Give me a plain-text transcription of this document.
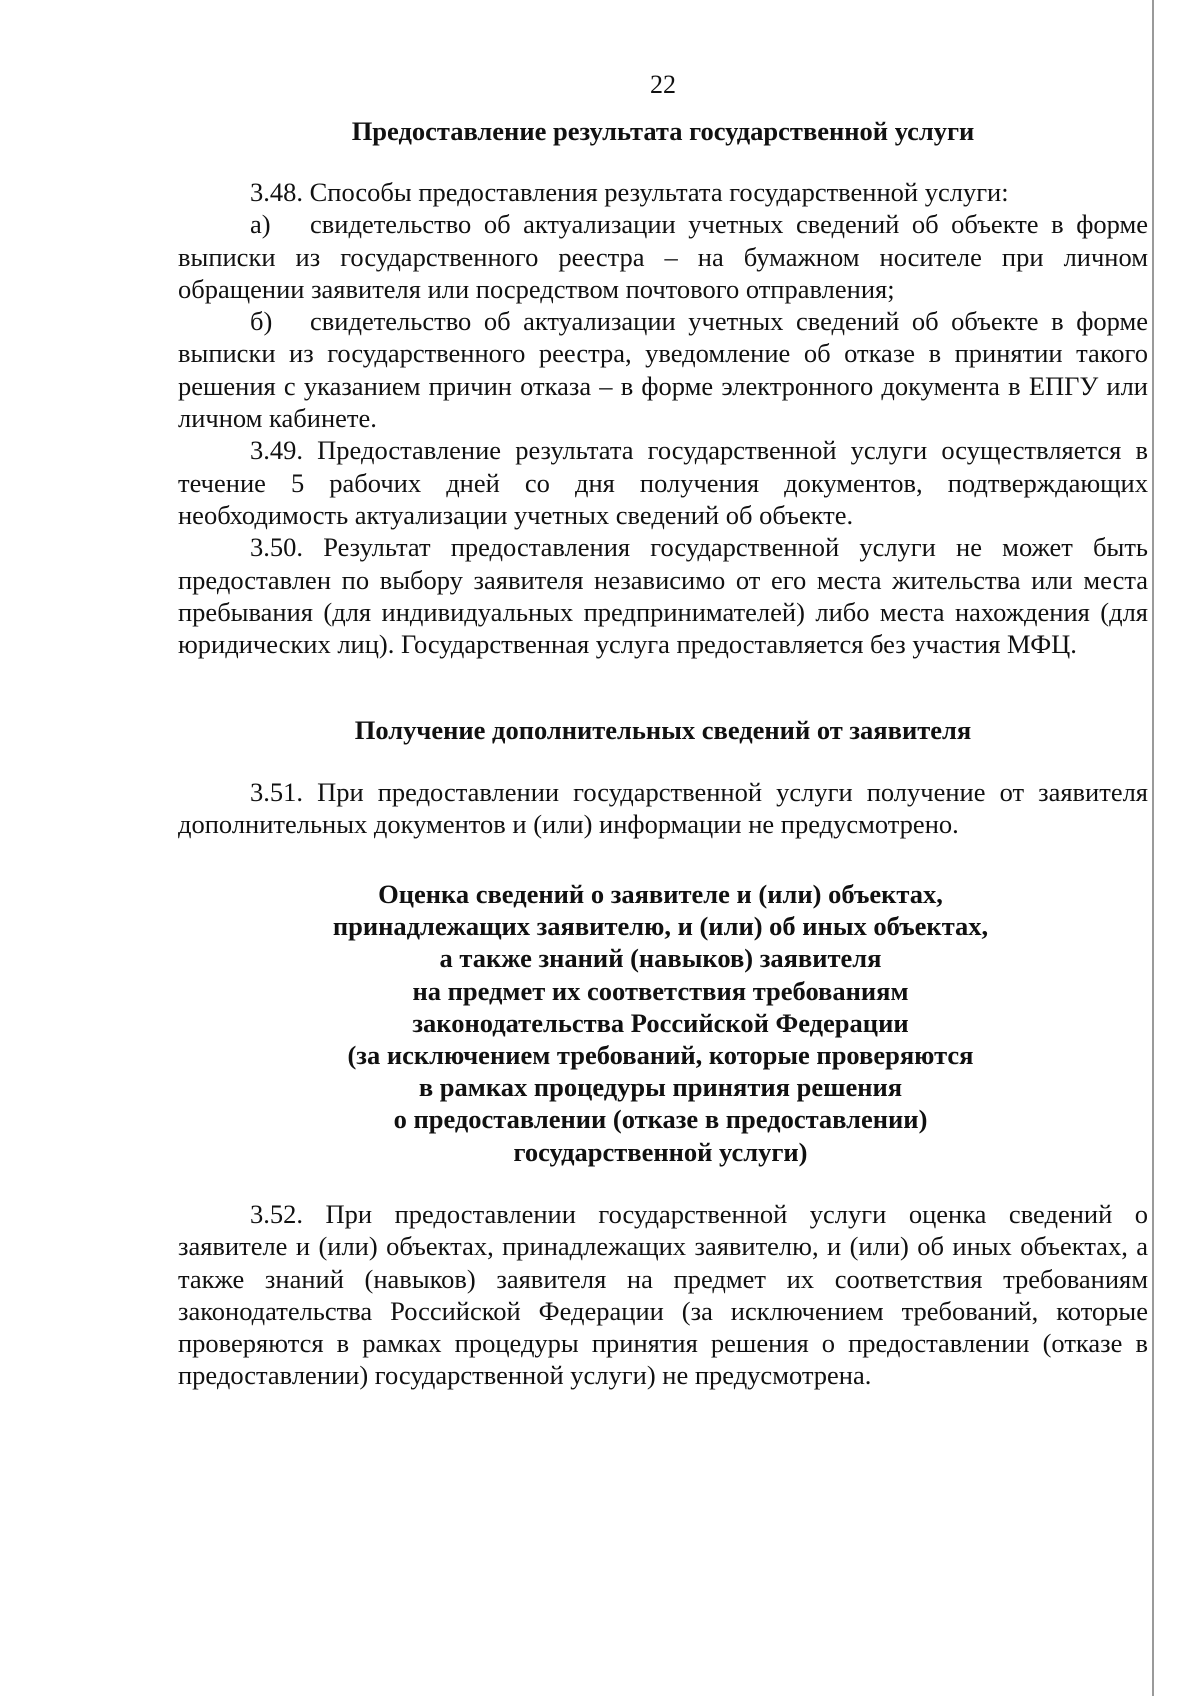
22
Предоставление результата государственной услуги
3.48. Способы предоставления результата государственной услуги:
а) свидетельство об актуализации учетных сведений об объекте в форме выписки из государственного реестра – на бумажном носителе при личном обращении заявителя или посредством почтового отправления;
б) свидетельство об актуализации учетных сведений об объекте в форме выписки из государственного реестра, уведомление об отказе в принятии такого решения с указанием причин отказа – в форме электронного документа в ЕПГУ или личном кабинете.
3.49. Предоставление результата государственной услуги осуществляется в течение 5 рабочих дней со дня получения документов, подтверждающих необходимость актуализации учетных сведений об объекте.
3.50. Результат предоставления государственной услуги не может быть предоставлен по выбору заявителя независимо от его места жительства или места пребывания (для индивидуальных предпринимателей) либо места нахождения (для юридических лиц). Государственная услуга предоставляется без участия МФЦ.
Получение дополнительных сведений от заявителя
3.51. При предоставлении государственной услуги получение от заявителя дополнительных документов и (или) информации не предусмотрено.
Оценка сведений о заявителе и (или) объектах,
принадлежащих заявителю, и (или) об иных объектах,
а также знаний (навыков) заявителя
на предмет их соответствия требованиям
законодательства Российской Федерации
(за исключением требований, которые проверяются
в рамках процедуры принятия решения
о предоставлении (отказе в предоставлении)
государственной услуги)
3.52. При предоставлении государственной услуги оценка сведений о заявителе и (или) объектах, принадлежащих заявителю, и (или) об иных объектах, а также знаний (навыков) заявителя на предмет их соответствия требованиям законодательства Российской Федерации (за исключением требований, которые проверяются в рамках процедуры принятия решения о предоставлении (отказе в предоставлении) государственной услуги) не предусмотрена.
